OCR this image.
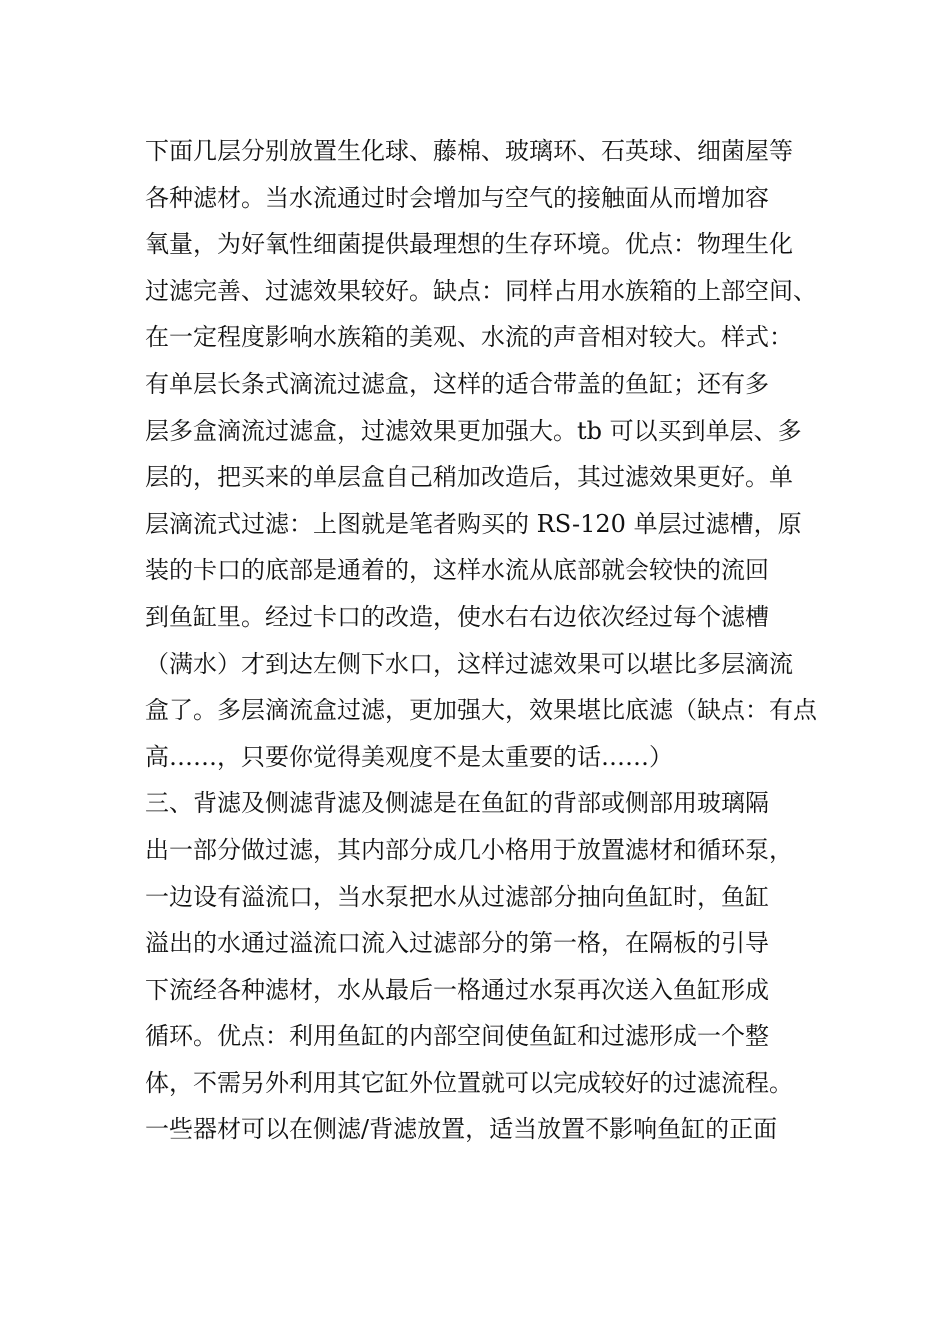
下面几层分别放置生化球、藤棉、玻璃环、石英球、细菌屋等
各种滤材。当水流通过时会增加与空气的接触面从而增加容
氧量，为好氧性细菌提供最理想的生存环境。优点：物理生化
过滤完善、过滤效果较好。缺点：同样占用水族箱的上部空间、
在一定程度影响水族箱的美观、水流的声音相对较大。样式：
有单层长条式滴流过滤盒，这样的适合带盖的鱼缸；还有多
层多盒滴流过滤盒，过滤效果更加强大。tb 可以买到单层、多
层的，把买来的单层盒自己稍加改造后，其过滤效果更好。单
层滴流式过滤：上图就是笔者购买的 RS-120 单层过滤槽，原
装的卡口的底部是通着的，这样水流从底部就会较快的流回
到鱼缸里。经过卡口的改造，使水右右边依次经过每个滤槽
（满水）才到达左侧下水口，这样过滤效果可以堪比多层滴流
盒了。多层滴流盒过滤，更加强大，效果堪比底滤（缺点：有点
高……，只要你觉得美观度不是太重要的话……）
三、背滤及侧滤背滤及侧滤是在鱼缸的背部或侧部用玻璃隔
出一部分做过滤，其内部分成几小格用于放置滤材和循环泵，
一边设有溢流口，当水泵把水从过滤部分抽向鱼缸时，鱼缸
溢出的水通过溢流口流入过滤部分的第一格，在隔板的引导
下流经各种滤材，水从最后一格通过水泵再次送入鱼缸形成
循环。优点：利用鱼缸的内部空间使鱼缸和过滤形成一个整
体，不需另外利用其它缸外位置就可以完成较好的过滤流程。
一些器材可以在侧滤/背滤放置，适当放置不影响鱼缸的正面
